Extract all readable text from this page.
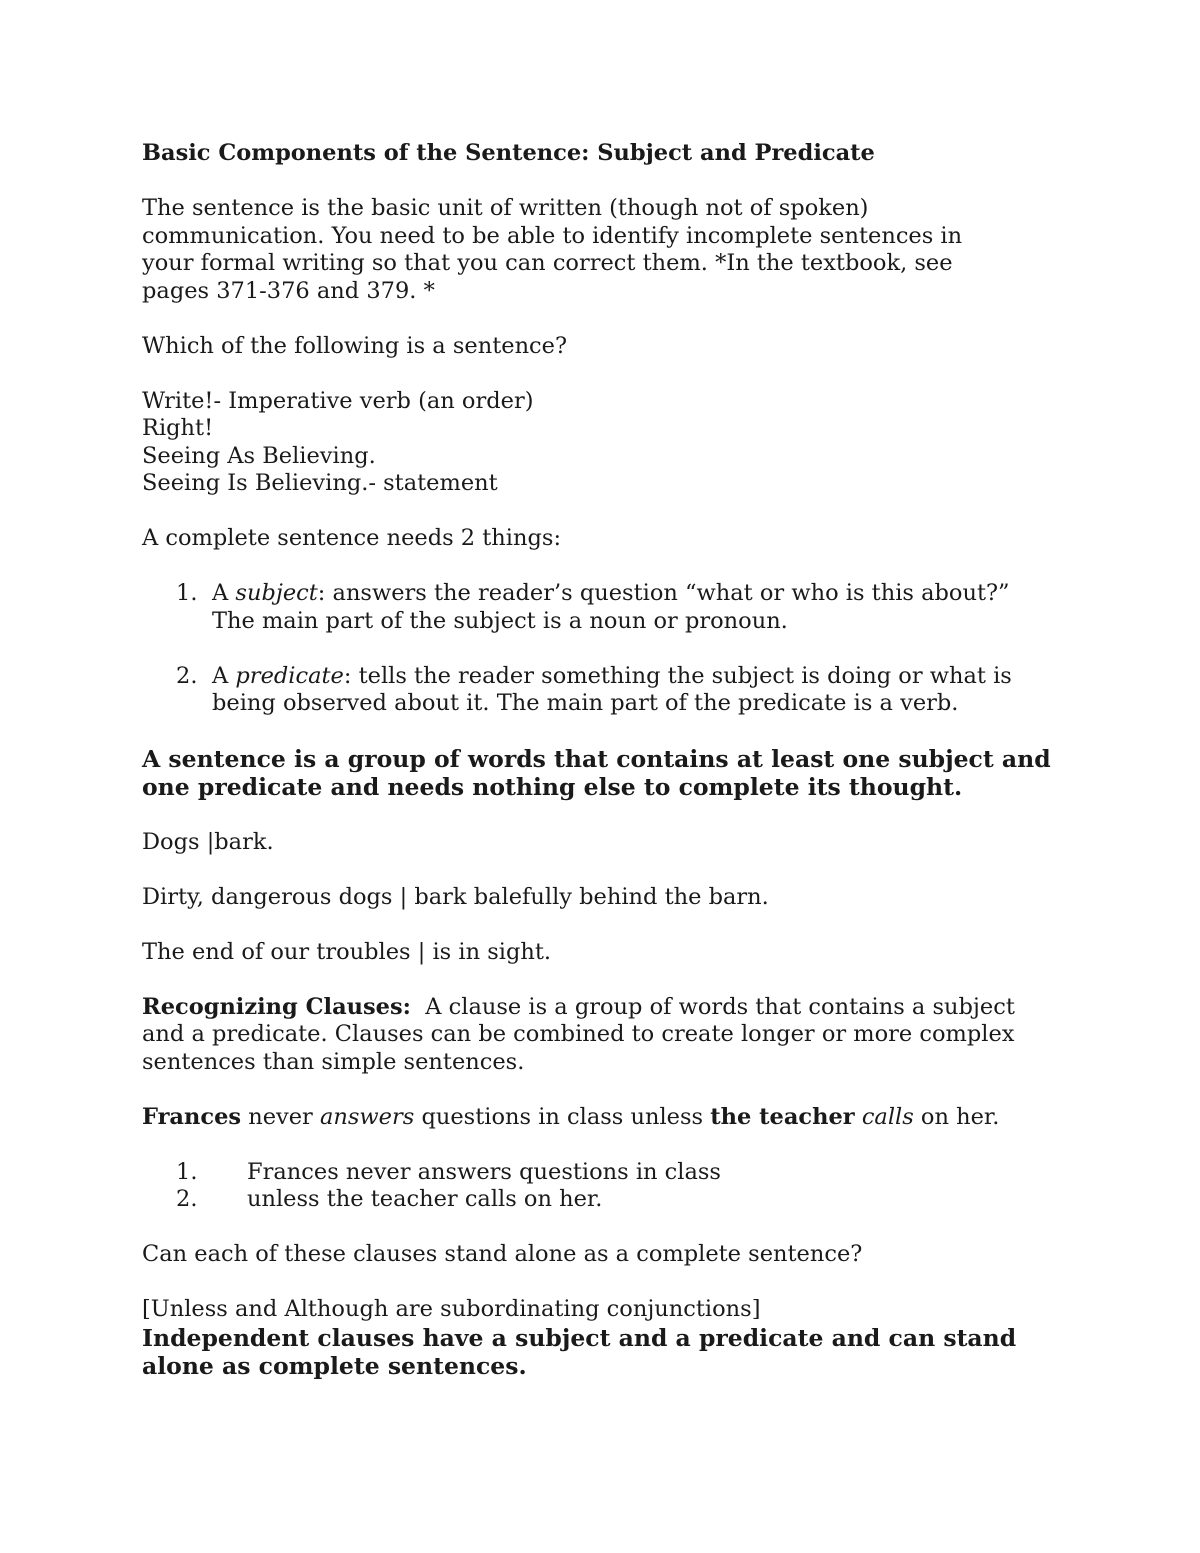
Basic Components of the Sentence: Subject and Predicate

The sentence is the basic unit of written (though not of spoken)
communication. You need to be able to identify incomplete sentences in
your formal writing so that you can correct them. *In the textbook, see
pages 371-376 and 379. *

Which of the following is a sentence?

Write!- Imperative verb (an order)
Right!
Seeing As Believing.
Seeing Is Believing.- statement

A complete sentence needs 2 things:

1. A subject: answers the reader’s question “what or who is this about?”
The main part of the subject is a noun or pronoun.
2. A predicate: tells the reader something the subject is doing or what is
being observed about it. The main part of the predicate is a verb.

A sentence is a group of words that contains at least one subject and
one predicate and needs nothing else to complete its thought.

Dogs |bark.

Dirty, dangerous dogs | bark balefully behind the barn.

The end of our troubles | is in sight.

Recognizing Clauses:  A clause is a group of words that contains a subject
and a predicate. Clauses can be combined to create longer or more complex
sentences than simple sentences.

Frances never answers questions in class unless the teacher calls on her.

1. Frances never answers questions in class
2. unless the teacher calls on her.

Can each of these clauses stand alone as a complete sentence?

[Unless and Although are subordinating conjunctions]
Independent clauses have a subject and a predicate and can stand
alone as complete sentences.
